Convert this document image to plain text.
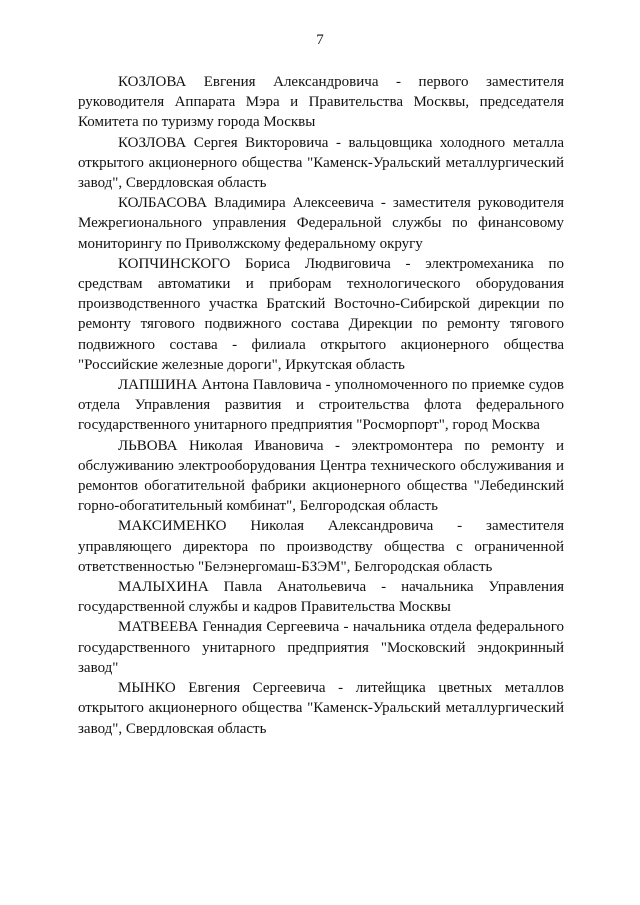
7

КОЗЛОВА Евгения Александровича - первого заместителя руководителя Аппарата Мэра и Правительства Москвы, председателя Комитета по туризму города Москвы

КОЗЛОВА Сергея Викторовича - вальцовщика холодного металла открытого акционерного общества "Каменск-Уральский металлургический завод", Свердловская область

КОЛБАСОВА Владимира Алексеевича - заместителя руководителя Межрегионального управления Федеральной службы по финансовому мониторингу по Приволжскому федеральному округу

КОПЧИНСКОГО Бориса Людвиговича - электромеханика по средствам автоматики и приборам технологического оборудования производственного участка Братский Восточно-Сибирской дирекции по ремонту тягового подвижного состава Дирекции по ремонту тягового подвижного состава - филиала открытого акционерного общества "Российские железные дороги", Иркутская область

ЛАПШИНА Антона Павловича - уполномоченного по приемке судов отдела Управления развития и строительства флота федерального государственного унитарного предприятия "Росморпорт", город Москва

ЛЬВОВА Николая Ивановича - электромонтера по ремонту и обслуживанию электрооборудования Центра технического обслуживания и ремонтов обогатительной фабрики акционерного общества "Лебединский горно-обогатительный комбинат", Белгородская область

МАКСИМЕНКО Николая Александровича - заместителя управляющего директора по производству общества с ограниченной ответственностью "Белэнергомаш-БЗЭМ", Белгородская область

МАЛЫХИНА Павла Анатольевича - начальника Управления государственной службы и кадров Правительства Москвы

МАТВЕЕВА Геннадия Сергеевича - начальника отдела федерального государственного унитарного предприятия "Московский эндокринный завод"

МЫНКО Евгения Сергеевича - литейщика цветных металлов открытого акционерного общества "Каменск-Уральский металлургический завод", Свердловская область
